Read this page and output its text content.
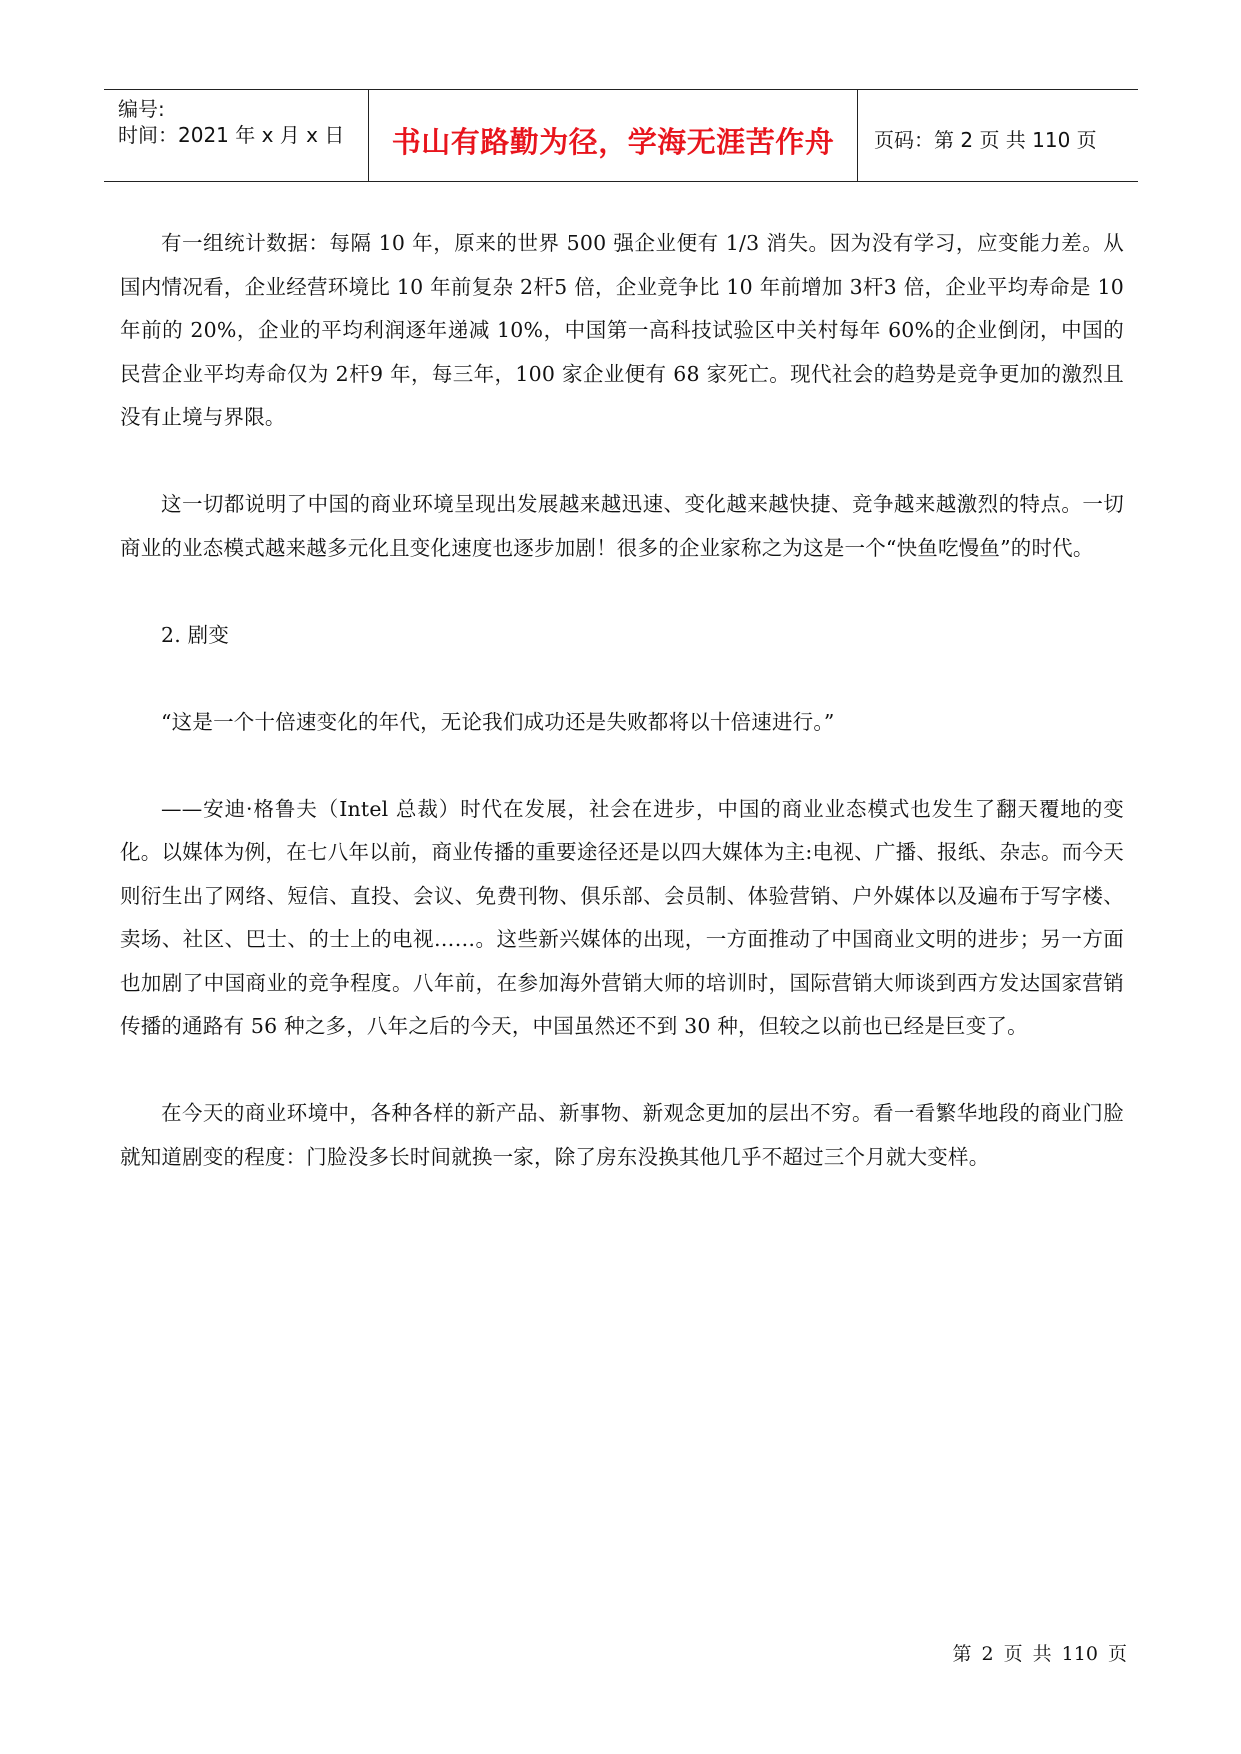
编号:
时间：2021 年 x 月 x 日	书山有路勤为径，学海无涯苦作舟	页码：第 2 页 共 110 页

有一组统计数据：每隔 10 年，原来的世界 500 强企业便有 1/3 消失。因为没有学习，应变能力差。从国内情况看，企业经营环境比 10 年前复杂 2杆5 倍，企业竞争比 10 年前增加 3杆3 倍，企业平均寿命是 10 年前的 20%，企业的平均利润逐年递减 10%，中国第一高科技试验区中关村每年 60%的企业倒闭，中国的民营企业平均寿命仅为 2杆9 年，每三年，100 家企业便有 68 家死亡。现代社会的趋势是竞争更加的激烈且没有止境与界限。

这一切都说明了中国的商业环境呈现出发展越来越迅速、变化越来越快捷、竞争越来越激烈的特点。一切商业的业态模式越来越多元化且变化速度也逐步加剧！很多的企业家称之为这是一个“快鱼吃慢鱼”的时代。

2. 剧变

“这是一个十倍速变化的年代，无论我们成功还是失败都将以十倍速进行。”

——安迪·格鲁夫（Intel 总裁）时代在发展，社会在进步，中国的商业业态模式也发生了翻天覆地的变化。以媒体为例，在七八年以前，商业传播的重要途径还是以四大媒体为主:电视、广播、报纸、杂志。而今天则衍生出了网络、短信、直投、会议、免费刊物、俱乐部、会员制、体验营销、户外媒体以及遍布于写字楼、卖场、社区、巴士、的士上的电视……。这些新兴媒体的出现，一方面推动了中国商业文明的进步；另一方面也加剧了中国商业的竞争程度。八年前，在参加海外营销大师的培训时，国际营销大师谈到西方发达国家营销传播的通路有 56 种之多，八年之后的今天，中国虽然还不到 30 种，但较之以前也已经是巨变了。

在今天的商业环境中，各种各样的新产品、新事物、新观念更加的层出不穷。看一看繁华地段的商业门脸就知道剧变的程度：门脸没多长时间就换一家，除了房东没换其他几乎不超过三个月就大变样。

第 2 页 共 110 页
